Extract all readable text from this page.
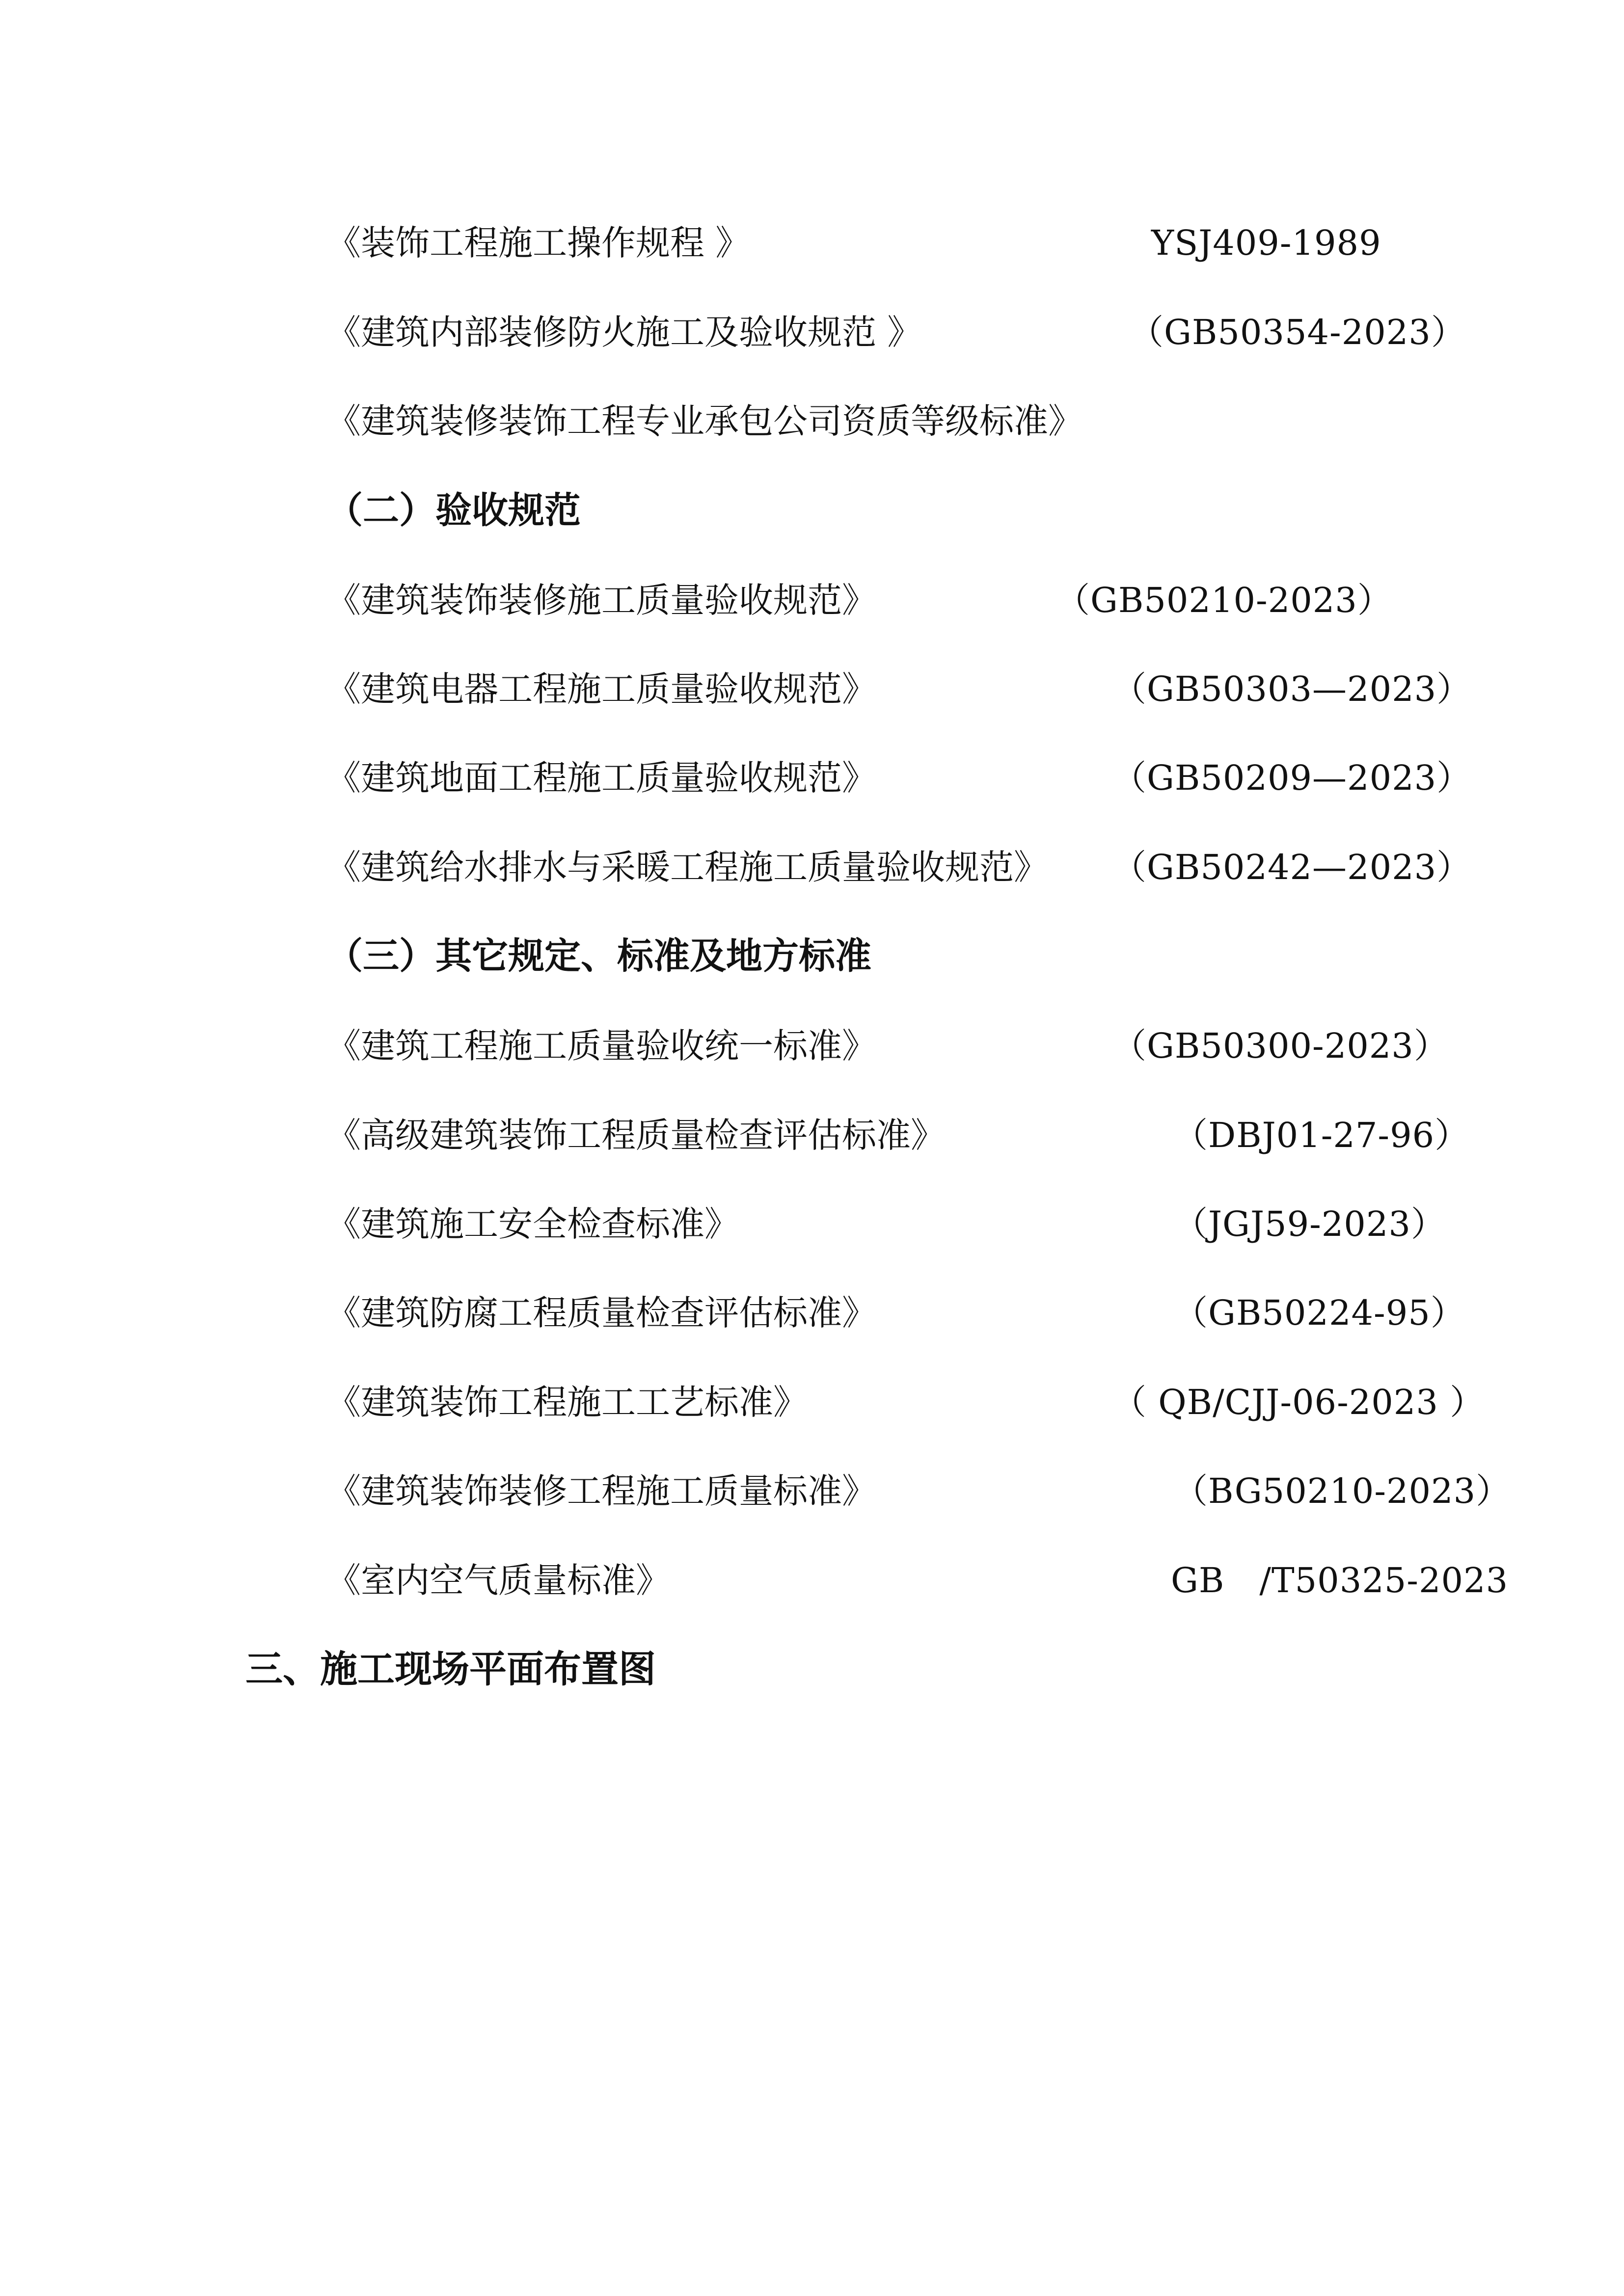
《装饰工程施工操作规程 》	YSJ409-1989
《建筑内部装修防火施工及验收规范 》	（GB50354-2023）
《建筑装修装饰工程专业承包公司资质等级标准》
（二）验收规范
《建筑装饰装修施工质量验收规范》	（GB50210-2023）
《建筑电器工程施工质量验收规范》	（GB50303—2023）
《建筑地面工程施工质量验收规范》	（GB50209—2023）
《建筑给水排水与采暖工程施工质量验收规范》 （GB50242—2023）
（三）其它规定、标准及地方标准
《建筑工程施工质量验收统一标准》	（GB50300-2023）
《高级建筑装饰工程质量检查评估标准》	（DBJ01-27-96）
《建筑施工安全检查标准》	（JGJ59-2023）
《建筑防腐工程质量检查评估标准》	（GB50224-95）
《建筑装饰工程施工工艺标准》	（ QB/CJJ-06-2023 ）
《建筑装饰装修工程施工质量标准》	（BG50210-2023）
《室内空气质量标准》	GB　/T50325-2023
三、施工现场平面布置图
